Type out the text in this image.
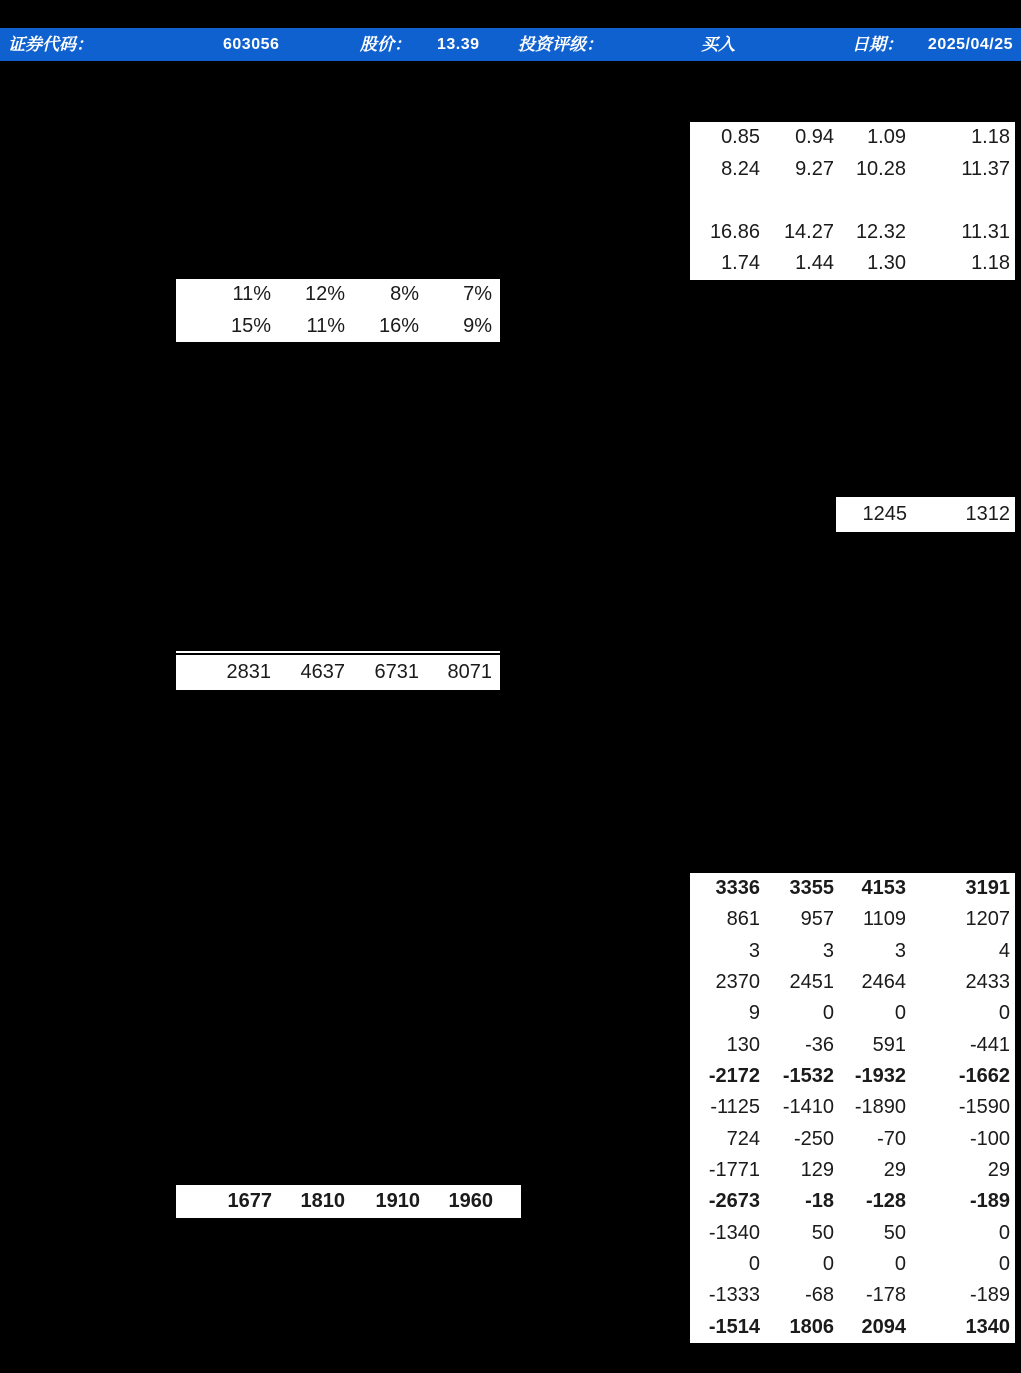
证券代码：	603056	股价： 13.39 投资评级：	买入	日期： 2025/04/25
0.85	0.94	1.09	1.18
8.24	9.27	10.28	11.37
16.86	14.27	12.32	11.31
1.74	1.44	1.30	1.18
11%	12%	8%	7%
15%	11%	16%	9%
1245	1312
2831	4637	6731	8071
3336	3355	4153	3191
861	957	1109	1207
3	3	3	4
2370	2451	2464	2433
9	0	0	0
130	-36	591	-441
-2172	-1532	-1932	-1662
-1125	-1410	-1890	-1590
724	-250	-70	-100
-1771	129	29	29
-2673	-18	-128	-189
-1340	50	50	0
0	0	0	0
-1333	-68	-178	-189
-1514	1806	2094	1340
1677	1810	1910	1960
